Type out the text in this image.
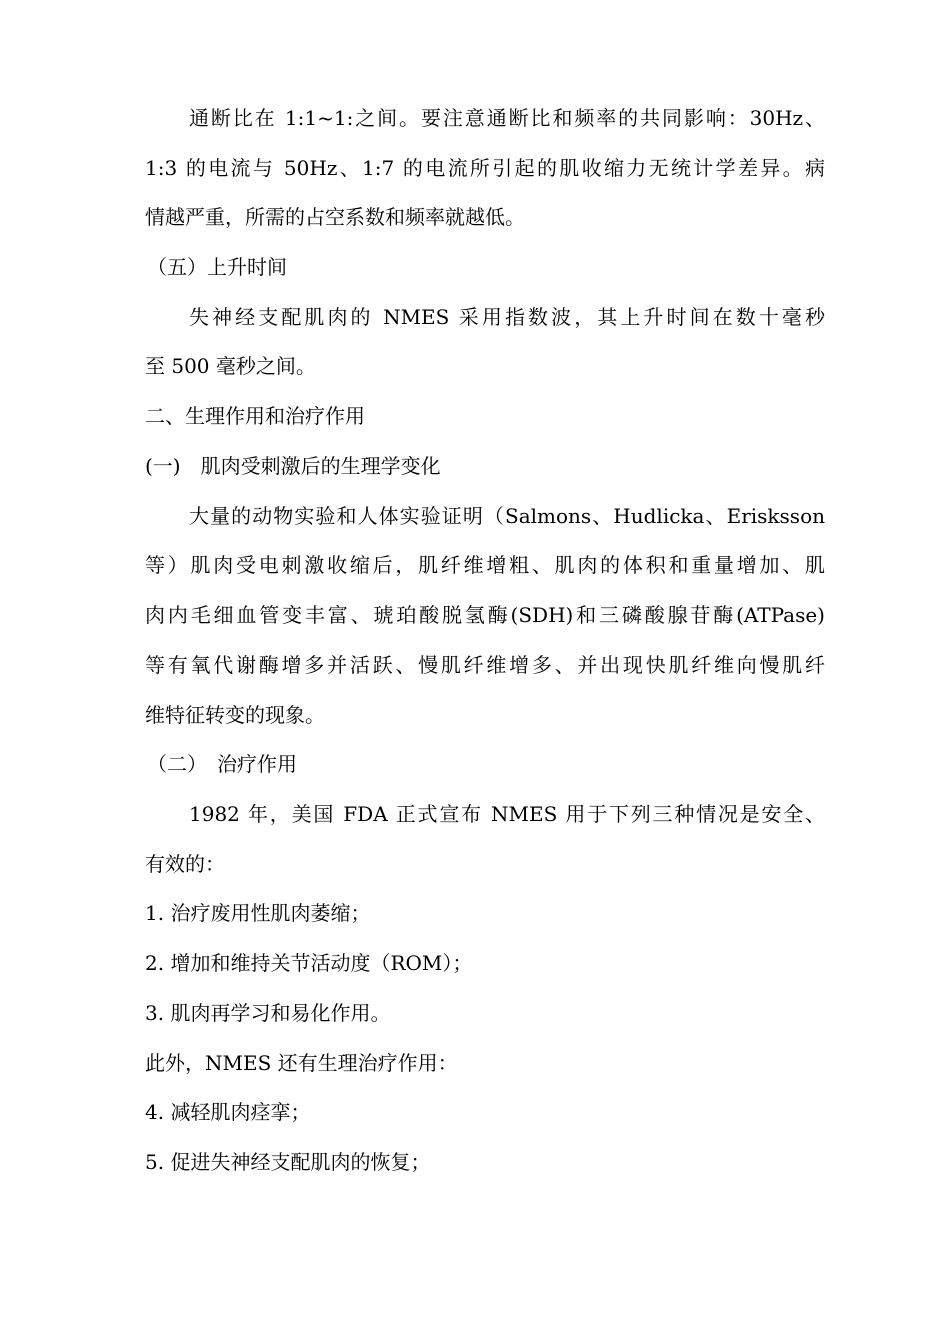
通断比在 1:1~1:之间。要注意通断比和频率的共同影响：30Hz、
1:3 的电流与 50Hz、1:7 的电流所引起的肌收缩力无统计学差异。病
情越严重，所需的占空系数和频率就越低。
（五）上升时间
失神经支配肌肉的 NMES 采用指数波，其上升时间在数十毫秒
至 500 毫秒之间。
二、生理作用和治疗作用
(一)　肌肉受刺激后的生理学变化
大量的动物实验和人体实验证明（Salmons、Hudlicka、Erisksson
等）肌肉受电刺激收缩后，肌纤维增粗、肌肉的体积和重量增加、肌
肉内毛细血管变丰富、琥珀酸脱氢酶(SDH)和三磷酸腺苷酶(ATPase)
等有氧代谢酶增多并活跃、慢肌纤维增多、并出现快肌纤维向慢肌纤
维特征转变的现象。
（二）　治疗作用
1982 年，美国 FDA 正式宣布 NMES 用于下列三种情况是安全、
有效的：
1. 治疗废用性肌肉萎缩；
2. 增加和维持关节活动度（ROM）；
3. 肌肉再学习和易化作用。
此外，NMES 还有生理治疗作用：
4. 减轻肌肉痉挛；
5. 促进失神经支配肌肉的恢复；
